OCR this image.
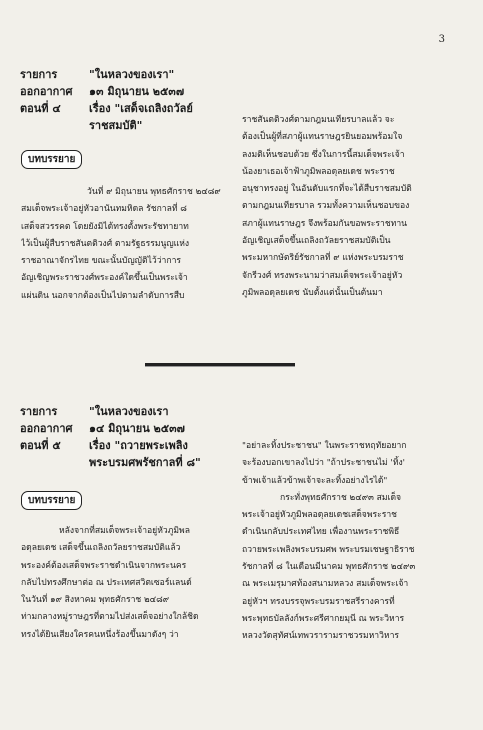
3
รายการ	"ในหลวงของเรา"
ออกอากาศ	๑๓ มิถุนายน ๒๕๓๗
ตอนที่ ๔	เรื่อง "เสด็จเถลิงถวัลย์
ราชสมบัติ"
บทบรรยาย
วันที่ ๙ มิถุนายน พุทธศักราช ๒๔๘๙
สมเด็จพระเจ้าอยู่หัวอานันทมหิดล รัชกาลที่ ๘
เสด็จสวรรคต โดยยังมิได้ทรงตั้งพระรัชทายาท
ไว้เป็นผู้สืบราชสันตติวงศ์ ตามรัฐธรรมนูญแห่ง
ราชอาณาจักรไทย ขณะนั้นบัญญัติไว้ว่าการ
อัญเชิญพระราชวงศ์พระองค์ใดขึ้นเป็นพระเจ้า
แผ่นดิน นอกจากต้องเป็นไปตามลำดับการสืบ
ราชสันตติวงศ์ตามกฎมนเทียรบาลแล้ว จะ
ต้องเป็นผู้ที่สภาผู้แทนราษฎรยินยอมพร้อมใจ
ลงมติเห็นชอบด้วย ซึ่งในการนี้สมเด็จพระเจ้า
น้องยาเธอเจ้าฟ้าภูมิพลอดุลยเดช พระราช
อนุชาทรงอยู่ ในอันดับแรกที่จะได้สืบราชสมบัติ
ตามกฎมนเทียรบาล รวมทั้งความเห็นชอบของ
สภาผู้แทนราษฎร จึงพร้อมกันขอพระราชทาน
อัญเชิญเสด็จขึ้นเถลิงถวัลยราชสมบัติเป็น
พระมหากษัตริย์รัชกาลที่ ๙ แห่งพระบรมราช
จักรีวงศ์ ทรงพระนามว่าสมเด็จพระเจ้าอยู่หัว
ภูมิพลอดุลยเดช นับตั้งแต่นั้นเป็นต้นมา
รายการ	"ในหลวงของเรา
ออกอากาศ	๑๔ มิถุนายน ๒๕๓๗
ตอนที่ ๕	เรื่อง "ถวายพระเพลิง
พระบรมศพรัชกาลที่ ๘"
บทบรรยาย
หลังจากที่สมเด็จพระเจ้าอยู่หัวภูมิพล
อดุลยเดช เสด็จขึ้นเถลิงถวัลยราชสมบัติแล้ว
พระองค์ต้องเสด็จพระราชดำเนินจากพระนคร
กลับไปทรงศึกษาต่อ ณ ประเทศสวิตเซอร์แลนด์
ในวันที่ ๑๙ สิงหาคม พุทธศักราช ๒๔๘๙
ท่ามกลางหมู่ราษฎรที่ตามไปส่งเสด็จอย่างใกล้ชิด
ทรงได้ยินเสียงใครคนหนึ่งร้องขึ้นมาดังๆ ว่า
"อย่าละทิ้งประชาชน" ในพระราชหฤทัยอยาก
จะร้องบอกเขาลงไปว่า "ถ้าประชาชนไม่ 'ทิ้ง'
ข้าพเจ้าแล้วข้าพเจ้าจะละทิ้งอย่างไรได้"
กระทั่งพุทธศักราช ๒๔๙๓ สมเด็จ
พระเจ้าอยู่หัวภูมิพลอดุลยเดชเสด็จพระราช
ดำเนินกลับประเทศไทย เพื่องานพระราชพิธี
ถวายพระเพลิงพระบรมศพ พระบรมเชษฐาธิราช
รัชกาลที่ ๘ ในเดือนมีนาคม พุทธศักราช ๒๔๙๓
ณ พระเมรุมาศท้องสนามหลวง สมเด็จพระเจ้า
อยู่หัวฯ ทรงบรรจุพระบรมราชสรีรางคารที่
พระพุทธบัลลังก์พระศรีศากยมุนี ณ พระวิหาร
หลวงวัดสุทัศน์เทพวรารามราชวรมหาวิหาร
